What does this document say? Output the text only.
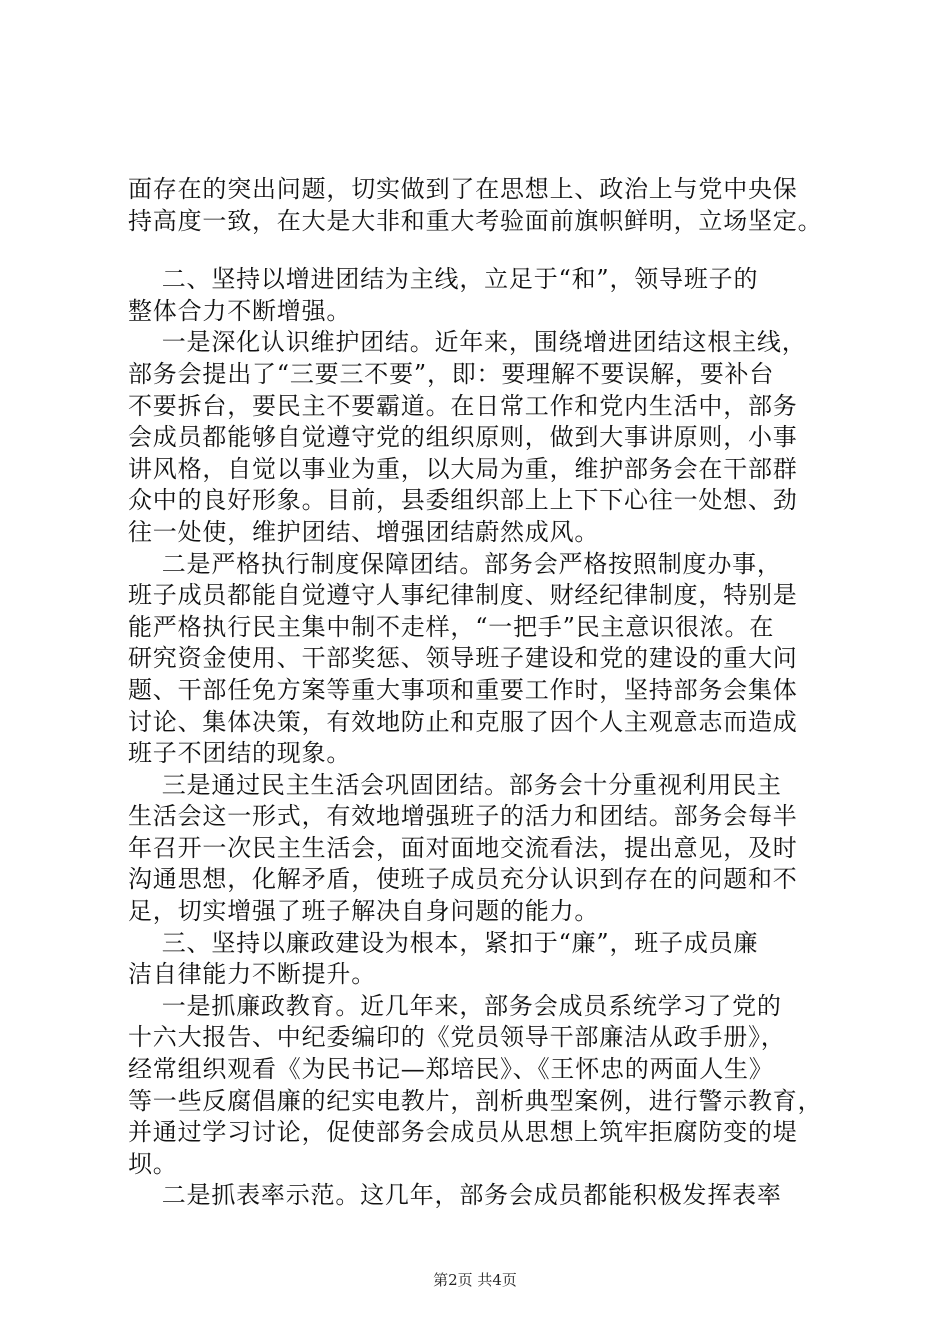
面存在的突出问题，切实做到了在思想上、政治上与党中央保
持高度一致，在大是大非和重大考验面前旗帜鲜明，立场坚定。
二、坚持以增进团结为主线，立足于“和”，领导班子的
整体合力不断增强。
一是深化认识维护团结。近年来，围绕增进团结这根主线，
部务会提出了“三要三不要”，即：要理解不要误解，要补台
不要拆台，要民主不要霸道。在日常工作和党内生活中，部务
会成员都能够自觉遵守党的组织原则，做到大事讲原则，小事
讲风格，自觉以事业为重，以大局为重，维护部务会在干部群
众中的良好形象。目前，县委组织部上上下下心往一处想、劲
往一处使，维护团结、增强团结蔚然成风。
二是严格执行制度保障团结。部务会严格按照制度办事，
班子成员都能自觉遵守人事纪律制度、财经纪律制度，特别是
能严格执行民主集中制不走样，“一把手”民主意识很浓。在
研究资金使用、干部奖惩、领导班子建设和党的建设的重大问
题、干部任免方案等重大事项和重要工作时，坚持部务会集体
讨论、集体决策，有效地防止和克服了因个人主观意志而造成
班子不团结的现象。
三是通过民主生活会巩固团结。部务会十分重视利用民主
生活会这一形式，有效地增强班子的活力和团结。部务会每半
年召开一次民主生活会，面对面地交流看法，提出意见，及时
沟通思想，化解矛盾，使班子成员充分认识到存在的问题和不
足，切实增强了班子解决自身问题的能力。
三、坚持以廉政建设为根本，紧扣于“廉”，班子成员廉
洁自律能力不断提升。
一是抓廉政教育。近几年来，部务会成员系统学习了党的
十六大报告、中纪委编印的《党员领导干部廉洁从政手册》，
经常组织观看《为民书记—郑培民》、《王怀忠的两面人生》
等一些反腐倡廉的纪实电教片，剖析典型案例，进行警示教育，
并通过学习讨论，促使部务会成员从思想上筑牢拒腐防变的堤
坝。
二是抓表率示范。这几年，部务会成员都能积极发挥表率
第2页 共4页
